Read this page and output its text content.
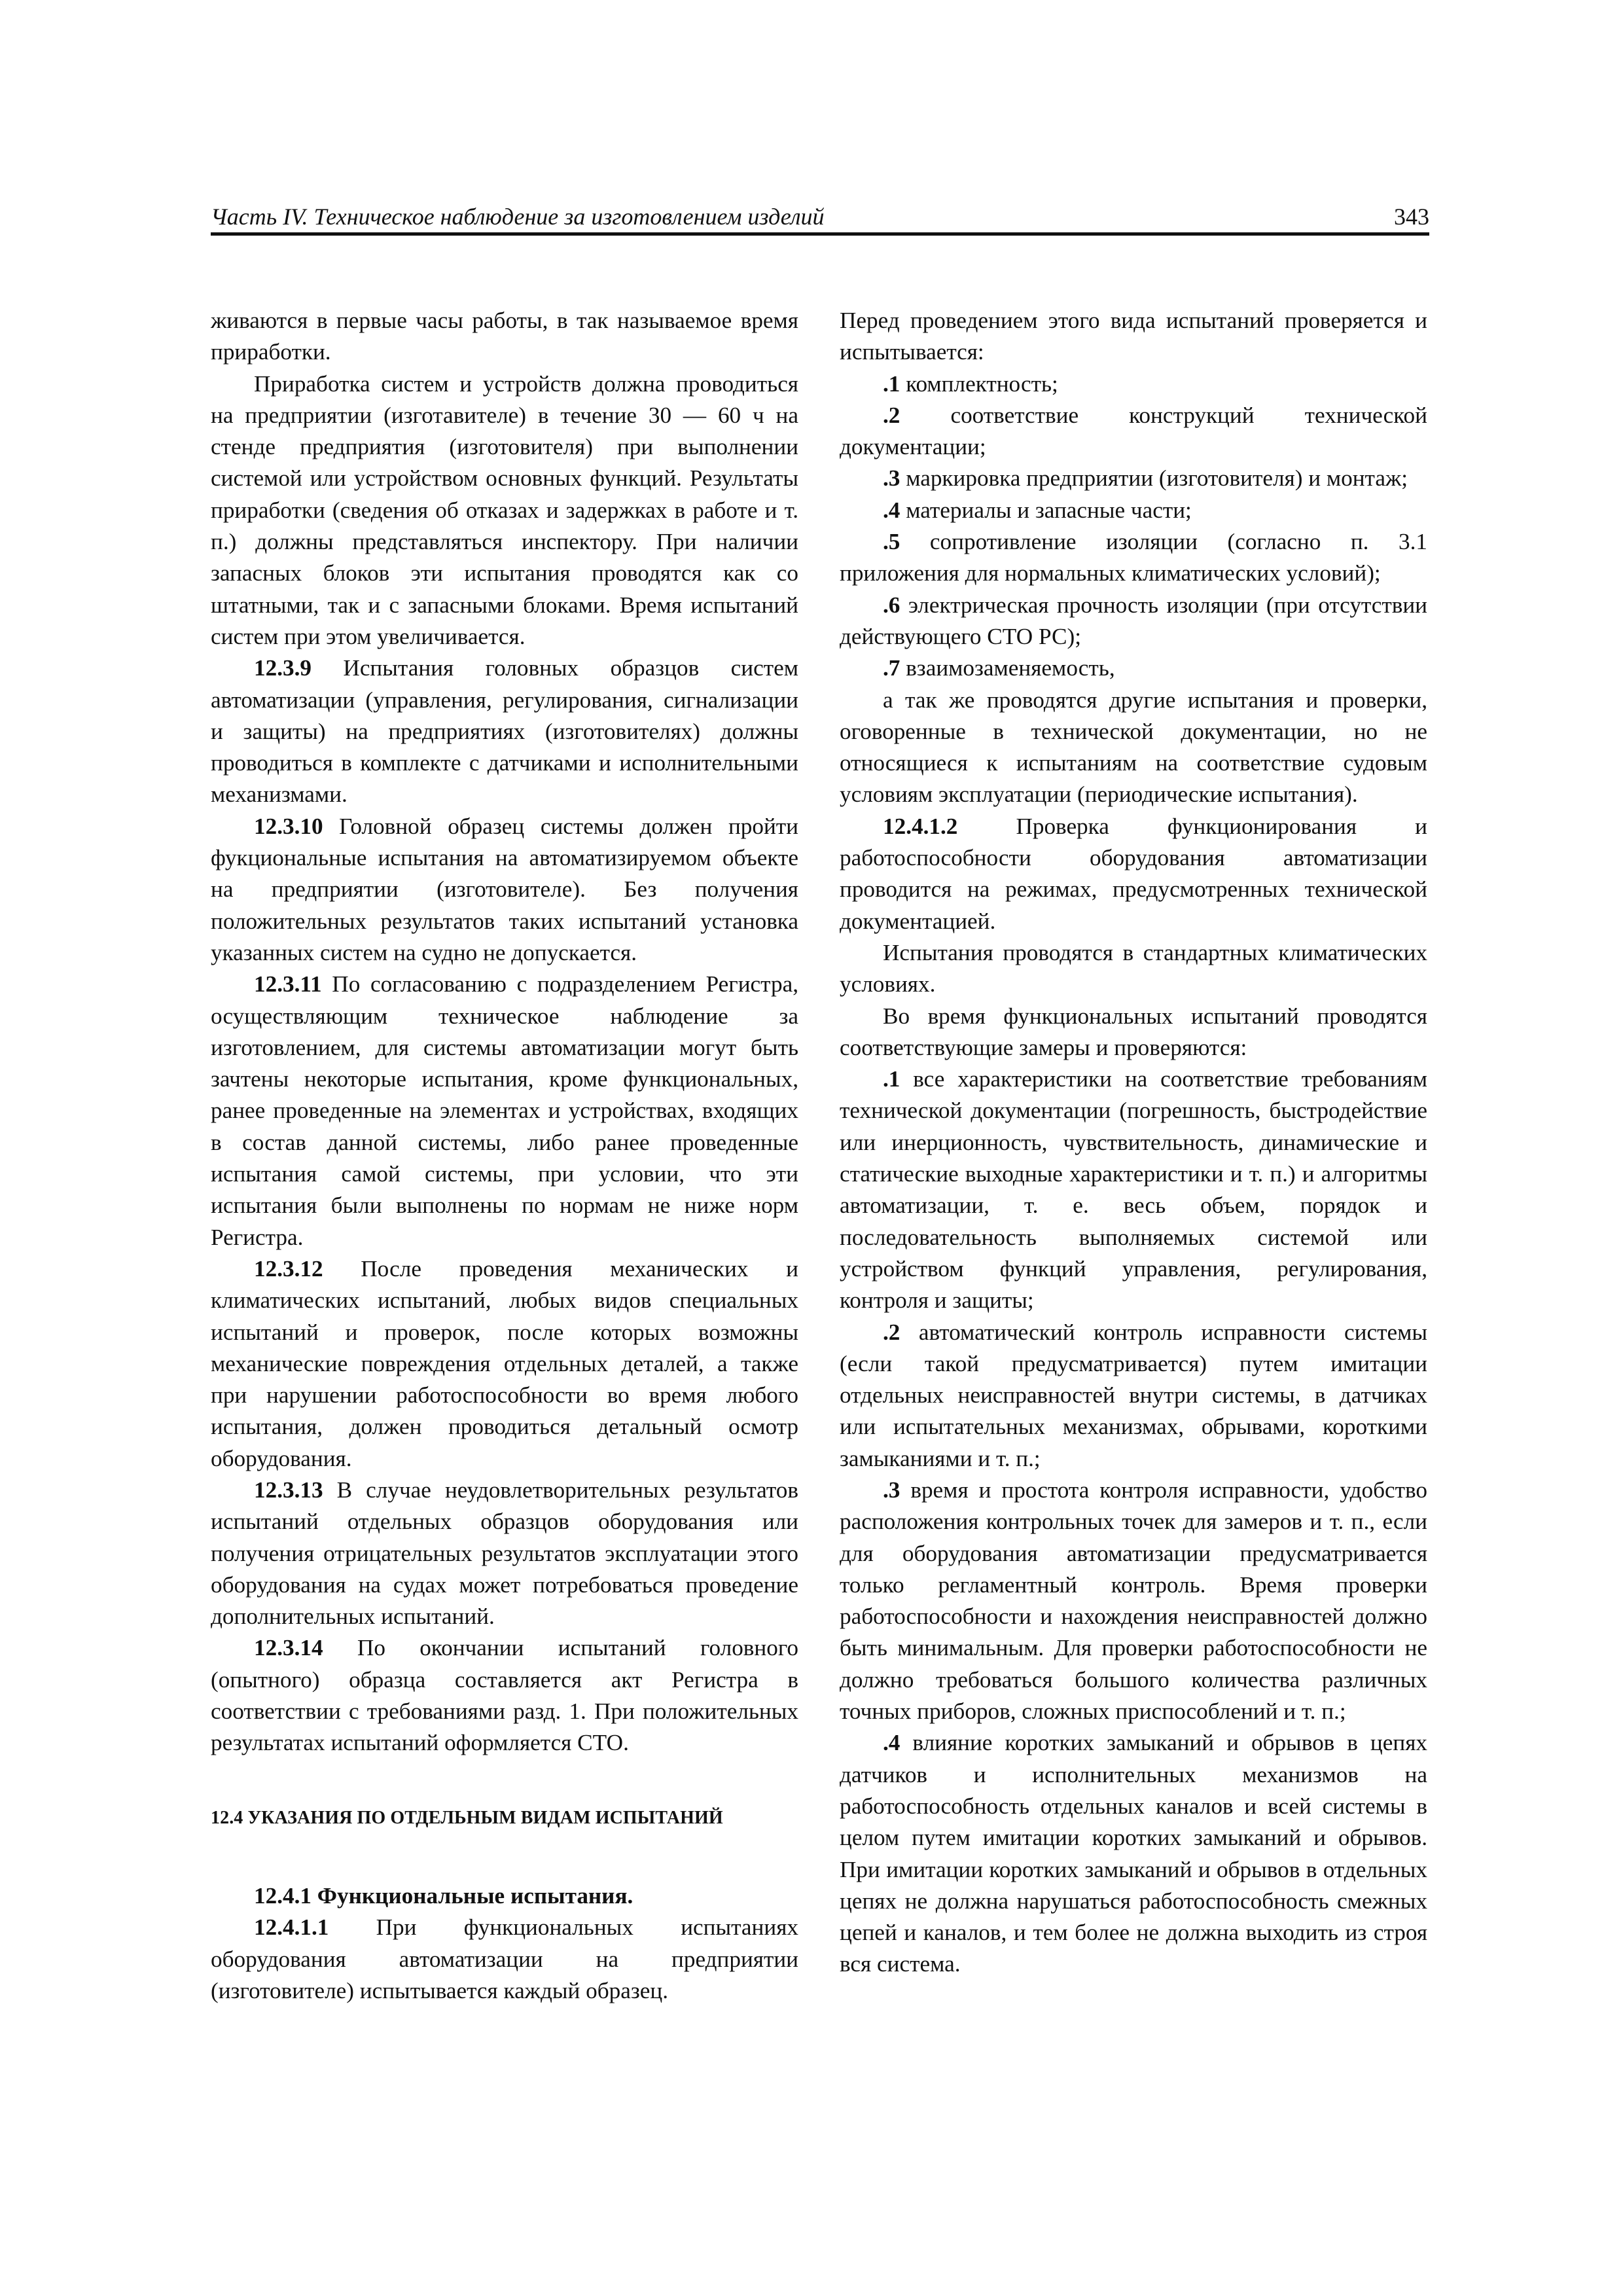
Часть IV. Техническое наблюдение за изготовлением изделий	343

живаются в первые часы работы, в так называемое время приработки.

Приработка систем и устройств должна проводиться на предприятии (изготавителе) в течение 30 — 60 ч на стенде предприятия (изготовителя) при выполнении системой или устройством основных функций. Результаты приработки (сведения об отказах и задержках в работе и т. п.) должны представляться инспектору. При наличии запасных блоков эти испытания проводятся как со штатными, так и с запасными блоками. Время испытаний систем при этом увеличивается.

12.3.9 Испытания головных образцов систем автоматизации (управления, регулирования, сигнализации и защиты) на предприятиях (изготовителях) должны проводиться в комплекте с датчиками и исполнительными механизмами.

12.3.10 Головной образец системы должен пройти фукциональные испытания на автоматизируемом объекте на предприятии (изготовителе). Без получения положительных результатов таких испытаний установка указанных систем на судно не допускается.

12.3.11 По согласованию с подразделением Регистра, осуществляющим техническое наблюдение за изготовлением, для системы автоматизации могут быть зачтены некоторые испытания, кроме функциональных, ранее проведенные на элементах и устройствах, входящих в состав данной системы, либо ранее проведенные испытания самой системы, при условии, что эти испытания были выполнены по нормам не ниже норм Регистра.

12.3.12 После проведения механических и климатических испытаний, любых видов специальных испытаний и проверок, после которых возможны механические повреждения отдельных деталей, а также при нарушении работоспособности во время любого испытания, должен проводиться детальный осмотр оборудования.

12.3.13 В случае неудовлетворительных результатов испытаний отдельных образцов оборудования или получения отрицательных результатов эксплуатации этого оборудования на судах может потребоваться проведение дополнительных испытаний.

12.3.14 По окончании испытаний головного (опытного) образца составляется акт Регистра в соответствии с требованиями разд. 1. При положительных результатах испытаний оформляется СТО.

12.4 УКАЗАНИЯ ПО ОТДЕЛЬНЫМ ВИДАМ ИСПЫТАНИЙ

12.4.1 Функциональные испытания.

12.4.1.1 При функциональных испытаниях оборудования автоматизации на предприятии (изготовителе) испытывается каждый образец.

Перед проведением этого вида испытаний проверяется и испытывается:

.1 комплектность;

.2 соответствие конструкций технической документации;

.3 маркировка предприятии (изготовителя) и монтаж;

.4 материалы и запасные части;

.5 сопротивление изоляции (согласно п. 3.1 приложения для нормальных климатических условий);

.6 электрическая прочность изоляции (при отсутствии действующего СТО РС);

.7 взаимозаменяемость,

а так же проводятся другие испытания и проверки, оговоренные в технической документации, но не относящиеся к испытаниям на соответствие судовым условиям эксплуатации (периодические испытания).

12.4.1.2 Проверка функционирования и работоспособности оборудования автоматизации проводится на режимах, предусмотренных технической документацией.

Испытания проводятся в стандартных климатических условиях.

Во время функциональных испытаний проводятся соответствующие замеры и проверяются:

.1 все характеристики на соответствие требованиям технической документации (погрешность, быстродействие или инерционность, чувствительность, динамические и статические выходные характеристики и т. п.) и алгоритмы автоматизации, т. е. весь объем, порядок и последовательность выполняемых системой или устройством функций управления, регулирования, контроля и защиты;

.2 автоматический контроль исправности системы (если такой предусматривается) путем имитации отдельных неисправностей внутри системы, в датчиках или испытательных механизмах, обрывами, короткими замыканиями и т. п.;

.3 время и простота контроля исправности, удобство расположения контрольных точек для замеров и т. п., если для оборудования автоматизации предусматривается только регламентный контроль. Время проверки работоспособности и нахождения неисправностей должно быть минимальным. Для проверки работоспособности не должно требоваться большого количества различных точных приборов, сложных приспособлений и т. п.;

.4 влияние коротких замыканий и обрывов в цепях датчиков и исполнительных механизмов на работоспособность отдельных каналов и всей системы в целом путем имитации коротких замыканий и обрывов. При имитации коротких замыканий и обрывов в отдельных цепях не должна нарушаться работоспособность смежных цепей и каналов, и тем более не должна выходить из строя вся система.
